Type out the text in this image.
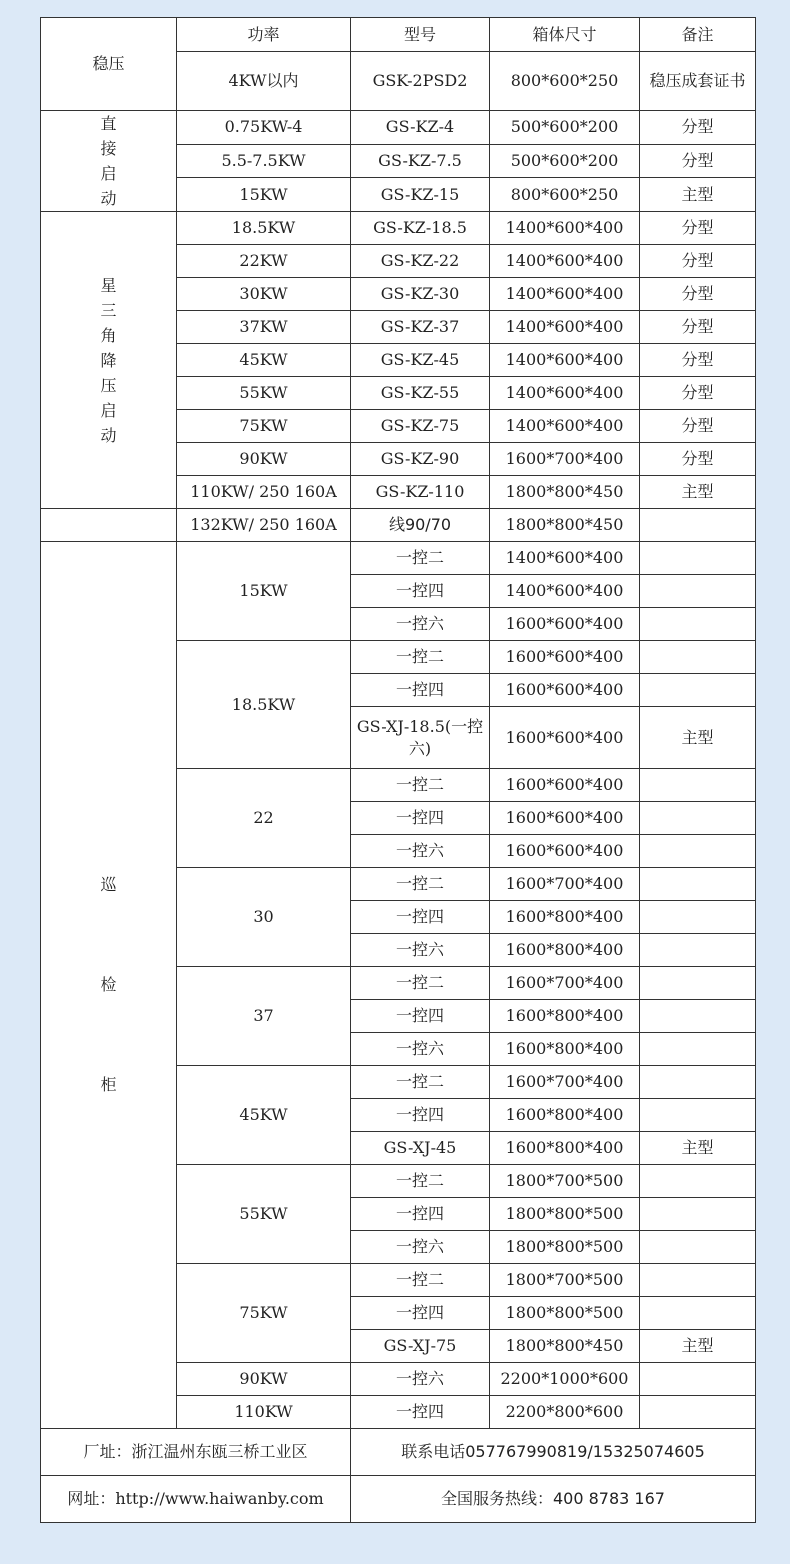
稳压	功率	型号	箱体尺寸	备注
	4KW以内	GSK-2PSD2	800*600*250	稳压成套证书
直接启动	0.75KW-4	GS-KZ-4	500*600*200	分型
	5.5-7.5KW	GS-KZ-7.5	500*600*200	分型
	15KW	GS-KZ-15	800*600*250	主型
星三角降压启动	18.5KW	GS-KZ-18.5	1400*600*400	分型
	22KW	GS-KZ-22	1400*600*400	分型
	30KW	GS-KZ-30	1400*600*400	分型
	37KW	GS-KZ-37	1400*600*400	分型
	45KW	GS-KZ-45	1400*600*400	分型
	55KW	GS-KZ-55	1400*600*400	分型
	75KW	GS-KZ-75	1400*600*400	分型
	90KW	GS-KZ-90	1600*700*400	分型
	110KW/ 250 160A	GS-KZ-110	1800*800*450	主型
	132KW/ 250 160A	线90/70	1800*800*450	
巡检柜	15KW	一控二	1400*600*400	
		一控四	1400*600*400	
		一控六	1600*600*400	
	18.5KW	一控二	1600*600*400	
		一控四	1600*600*400	
		GS-XJ-18.5(一控六)	1600*600*400	主型
	22	一控二	1600*600*400	
		一控四	1600*600*400	
		一控六	1600*600*400	
	30	一控二	1600*700*400	
		一控四	1600*800*400	
		一控六	1600*800*400	
	37	一控二	1600*700*400	
		一控四	1600*800*400	
		一控六	1600*800*400	
	45KW	一控二	1600*700*400	
		一控四	1600*800*400	
		GS-XJ-45	1600*800*400	主型
	55KW	一控二	1800*700*500	
		一控四	1800*800*500	
		一控六	1800*800*500	
	75KW	一控二	1800*700*500	
		一控四	1800*800*500	
		GS-XJ-75	1800*800*450	主型
	90KW	一控六	2200*1000*600	
	110KW	一控四	2200*800*600	
厂址：浙江温州东瓯三桥工业区		联系电话057767990819/15325074605		
网址：http://www.haiwanby.com		全国服务热线：400 8783 167		
